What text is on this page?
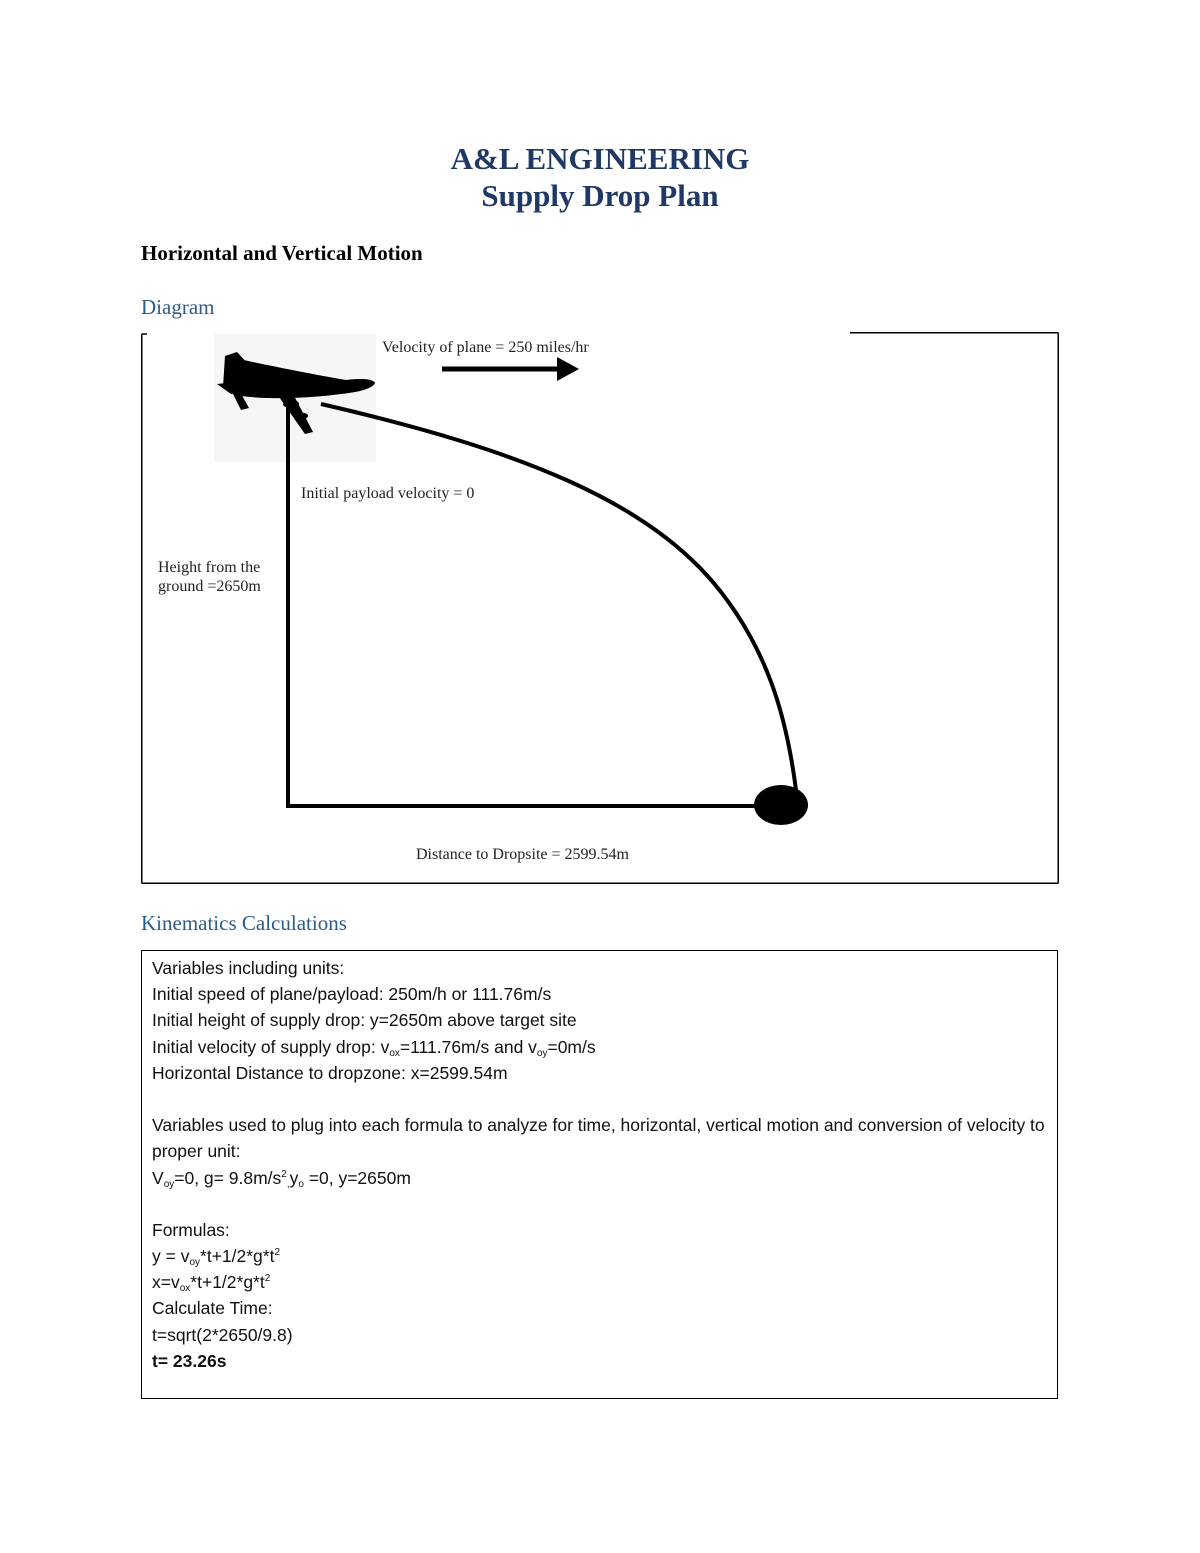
A&L ENGINEERING
Supply Drop Plan
Horizontal and Vertical Motion
Diagram
Velocity of plane = 250 miles/hr
Initial payload velocity = 0
Height from the
ground =2650m
Distance to Dropsite = 2599.54m
Kinematics Calculations
Variables including units:
Initial speed of plane/payload: 250m/h or 111.76m/s
Initial height of supply drop: y=2650m above target site
Initial velocity of supply drop: $v_{ox}=111.76m/s$ and $v_{oy}=0m/s$
Horizontal Distance to dropzone: x=2599.54m
Variables used to plug into each formula to analyze for time, horizontal, vertical motion and conversion of velocity to proper unit:
$V_{oy}=0$, $g= 9.8m/s^2_,y_o =0$, y=2650m
Formulas:
$y = v_{oy}*t+1/2*g*t^2$
$x=v_{ox}*t+1/2*g*t^2$
Calculate Time:
t=sqrt(2*2650/9.8)
t= 23.26s
